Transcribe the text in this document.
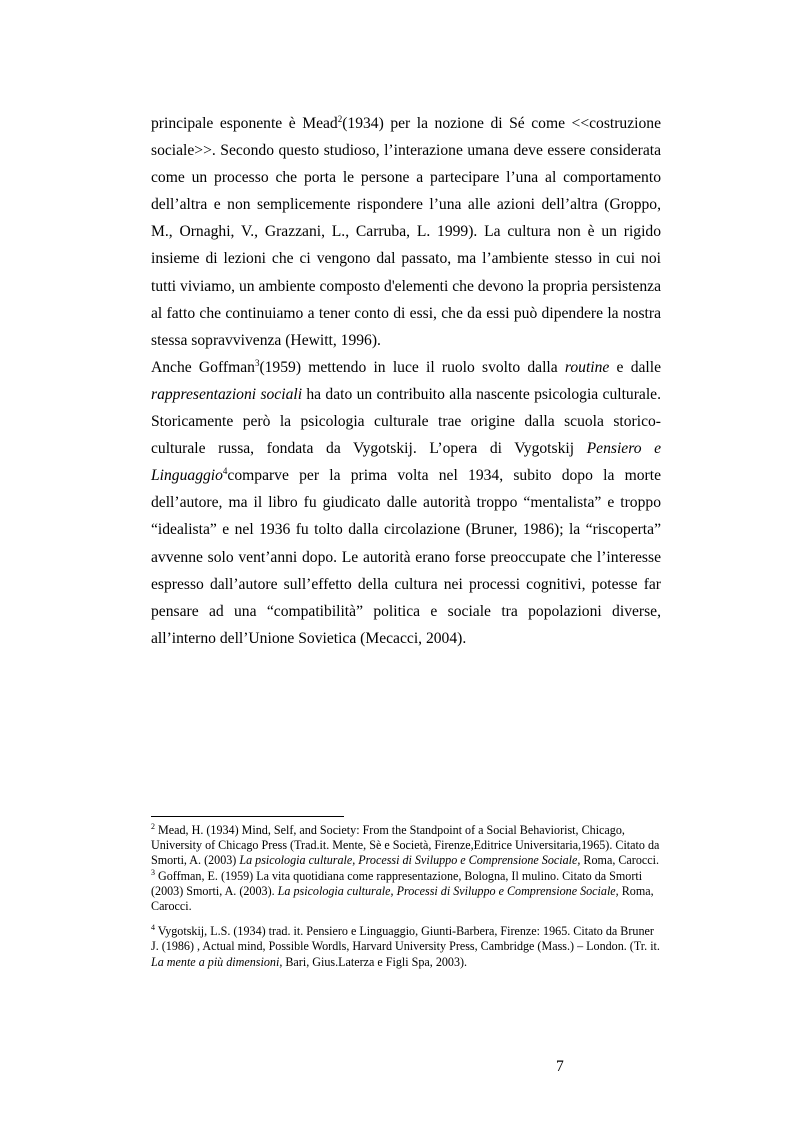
principale esponente è Mead$^2$(1934) per la nozione di Sé come <<costruzione sociale>>. Secondo questo studioso, l’interazione umana deve essere considerata come un processo che porta le persone a partecipare l’una al comportamento dell’altra e non semplicemente rispondere l’una alle azioni dell’altra (Groppo, M., Ornaghi, V., Grazzani, L., Carruba, L. 1999). La cultura non è un rigido insieme di lezioni che ci vengono dal passato, ma l’ambiente stesso in cui noi tutti viviamo, un ambiente composto d'elementi che devono la propria persistenza al fatto che continuiamo a tener conto di essi, che da essi può dipendere la nostra stessa sopravvivenza (Hewitt, 1996).

Anche Goffman$^3$(1959) mettendo in luce il ruolo svolto dalla routine e dalle rappresentazioni sociali ha dato un contribuito alla nascente psicologia culturale. Storicamente però la psicologia culturale trae origine dalla scuola storico-culturale russa, fondata da Vygotskij. L’opera di Vygotskij Pensiero e Linguaggio$^4$comparve per la prima volta nel 1934, subito dopo la morte dell’autore, ma il libro fu giudicato dalle autorità troppo “mentalista” e troppo “idealista” e nel 1936 fu tolto dalla circolazione (Bruner, 1986); la “riscoperta” avvenne solo vent’anni dopo. Le autorità erano forse preoccupate che l’interesse espresso dall’autore sull’effetto della cultura nei processi cognitivi, potesse far pensare ad una “compatibilità” politica e sociale tra popolazioni diverse, all’interno dell’Unione Sovietica (Mecacci, 2004).

$^2$ Mead, H. (1934) Mind, Self, and Society: From the Standpoint of a Social Behaviorist, Chicago, University of Chicago Press (Trad.it. Mente, Sè e Società, Firenze,Editrice Universitaria,1965). Citato da Smorti, A. (2003) La psicologia culturale, Processi di Sviluppo e Comprensione Sociale, Roma, Carocci.

$^3$ Goffman, E. (1959) La vita quotidiana come rappresentazione, Bologna, Il mulino. Citato da Smorti (2003) Smorti, A. (2003). La psicologia culturale, Processi di Sviluppo e Comprensione Sociale, Roma, Carocci.

$^4$ Vygotskij, L.S. (1934) trad. it. Pensiero e Linguaggio, Giunti-Barbera, Firenze: 1965. Citato da Bruner J. (1986) , Actual mind, Possible Wordls, Harvard University Press, Cambridge (Mass.) – London. (Tr. it. La mente a più dimensioni, Bari, Gius.Laterza e Figli Spa, 2003).

7
